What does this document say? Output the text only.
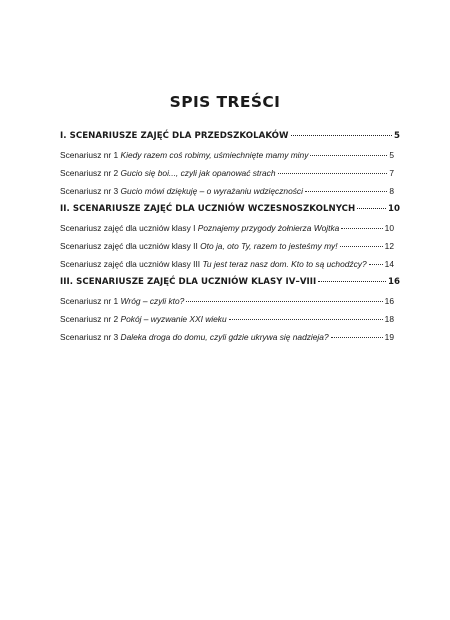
SPIS TREŚCI
I. SCENARIUSZE ZAJĘĆ DLA PRZEDSZKOLAKÓW	5
Scenariusz nr 1 Kiedy razem coś robimy, uśmiechnięte mamy miny	5
Scenariusz nr 2 Gucio się boi..., czyli jak opanować strach	7
Scenariusz nr 3 Gucio mówi dziękuję – o wyrażaniu wdzięczności	8
II. SCENARIUSZE ZAJĘĆ DLA UCZNIÓW WCZESNOSZKOLNYCH	10
Scenariusz zajęć dla uczniów klasy I Poznajemy przygody żołnierza Wojtka	10
Scenariusz zajęć dla uczniów klasy II Oto ja, oto Ty, razem to jesteśmy my!	12
Scenariusz zajęć dla uczniów klasy III Tu jest teraz nasz dom. Kto to są uchodźcy? 14
III. SCENARIUSZE ZAJĘĆ DLA UCZNIÓW KLASY IV–VIII	16
Scenariusz nr 1 Wróg – czyli kto?	16
Scenariusz nr 2 Pokój – wyzwanie XXI wieku	18
Scenariusz nr 3 Daleka droga do domu, czyli gdzie ukrywa się nadzieja?	19
